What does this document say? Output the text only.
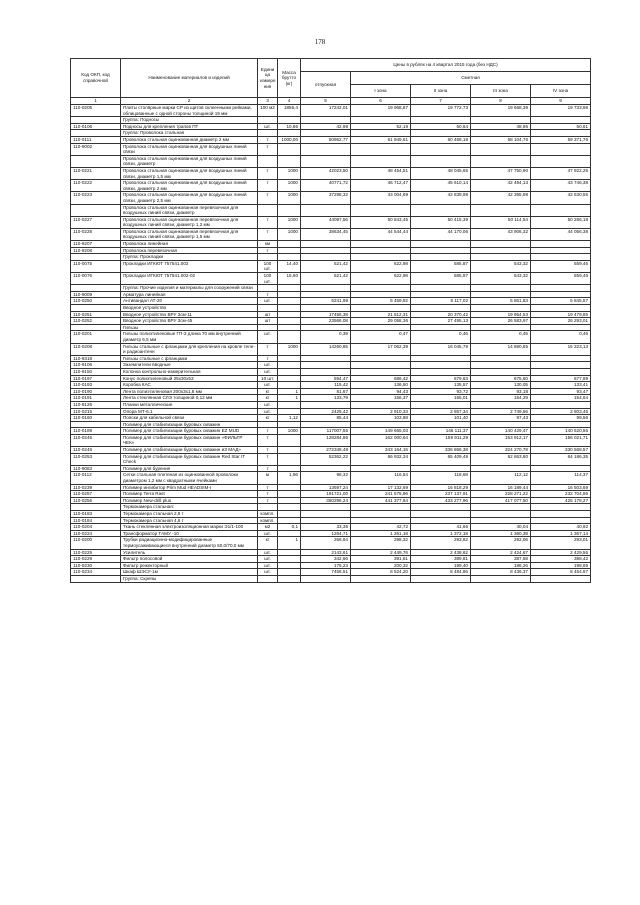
178
Код ОКП, код справочной	Наименование материалов и изделий	Едини ца измере ния	Масса брутто (кг)	Цены в рублях на 4 квартал 2015 года (без НДС)				
				отпускная	Сметная			
					I зона	II зона	III зона	IV зона
1	2	3	4	5	6	7	8	9
110-0205	Плиты столярные марки СР из щитов склеенными рейками, облицованные с одной стороны толщиной 19 мм	100 м2	1856,4	17242,01	19 968,87	19 772,73	19 668,39	19 733,98
	Группа: Подносы							
110-0106	Подносы для крепления трапов ПТ	шт.	10,86	42,98	52,19	50,64	48,95	50,61
	Группа: Проволока стальная							
110-0111	Проволока стальная оцинкованная диаметр 2 мм	т	1000,00	50952,77	61 949,61	60 468,18	58 104,76	59 371,76
110-9002	Проволока стальная оцинкованная для воздушных линий связи	т						
	Проволока стальная оцинкованная для воздушных линий связи, диаметр							
110-0221	Проволока стальная оцинкованная для воздушных линий связи, диаметр 1,5 мм	т	1000	42023,50	48 454,51	48 045,65	47 750,90	47 922,25
110-0222	Проволока стальная оцинкованная для воздушных линий связи, диаметр 2 мм	т	1000	40771,72	46 712,47	45 610,14	42 494,13	43 746,38
110-0223	Проволока стальная оцинкованная для воздушных линий связи, диаметр 2,5 мм	т	1000	37298,32	43 004,69	42 839,98	42 395,98	42 530,55
	Проволока стальная оцинкованная перевязочная для воздушных линий связи, диаметр							
110-0227	Проволока стальная оцинкованная перевязочная для воздушных линий связи, диаметр 1,2 мм	т	1000	44097,56	50 843,45	50 415,39	50 114,54	50 286,18
110-0228	Проволока стальная оцинкованная перевязочная для воздушных линий связи, диаметр 1,5 мм	т	1000	38634,45	44 544,44	44 170,06	43 906,32	44 056,38
110-9207	Проволока линейная	км						
110-9208	Проволока перевязочная	т						
	Группа: Прокладки							
110-0075	Прокладки ИГКЮТ 757541.002	100 шт.	14,40	521,42	622,98	585,87	543,32	559,46
110-0076	Прокладки ИГКЮТ 757541.002-02	100 шт.	15,60	521,42	622,98	585,87	543,32	559,46
	Группа: Прочие изделия и материалы для сооружений связи							
110-9009	Арматура линейная	т						
110-0250	Антивандал АТ-20	шт.		5241,98	6 459,92	6 117,02	5 861,83	5 845,57
	Вводное устройство							
110-0251	Вводное устройство ВРУ 3см-11	шт		17456,38	21 512,31	20 370,42	19 954,53	19 479,85
110-0252	Вводное устройство ВРУ 3см-45	шт		23566,08	29 058,36	27 495,13	26 583,97	26 293,01
	Гильзы							
110-0201	Гильзы полиэтиленовые ГП-3 длина 70 мм внутренний диаметр 6,5 мм	шт.		0,39	0,47	0,46	0,45	0,46
110-0208	Гильзы стальные с фланцами для крепления на кровле теле- и радиоантенн	т	1000	14260,85	17 062,39	16 045,79	14 880,65	15 323,13
110-9318	Гильзы стальные с фланцами	т						
110-9106	Заземлители вводные	шт.						
110-9150	Колонка контрольно-измерительная	шт.						
110-0197	Конус полиэтиленовый 25х30х53	10 шт.		594,47	686,42	679,63	675,60	677,99
110-0193	Коробка КАС	шт.		115,42	136,50	135,57	130,05	133,41
110-0190	Лента полиэтиленовая 200х3х1,8 мм	кг	1	81,67	94,43	93,72	93,18	93,47
110-0191	Лента стеклянная СЛЭ толщиной 0,12 мм	кг	1	133,79	156,37	155,01	154,29	154,64
110-9126	Планки металлические	шт.						
110-0215	Опора МТ-6.1	шт.		2425,42	2 910,33	2 857,34	2 749,56	2 803,46
110-0160	Пояски для кабельной связи	кг	1,12	85,44	103,88	101,40	97,43	99,56
	Полимер для стабилизации буровых скважин							
110-0189	Полимер для стабилизации буровых скважин EZ MUD	т	1000	117007,55	149 665,03	146 111,37	140 429,47	140 520,55
110-0245	Полимер для стабилизации буровых скважин «ФИЛЬТР ЧЕК»	т		128284,86	162 000,64	159 911,29	153 912,17	156 021,71
110-0246	Полимер для стабилизации буровых скважин иЗ МАД»	т		272348,48	343 164,15	336 866,38	324 270,78	330 568,57
110-0253	Полимер для стабилизации буровых скважин Red Star IT Check	т		52362,22	66 932,34	65 409,49	62 863,80	64 186,35
110-9083	Полимер для бурения	т						
110-0112	Сетки стальная плетеная из оцинкованной проволоки диаметром 1,2 мм с квадратными ячейками	м	1,96	98,32	116,54	118,68	112,12	114,37
110-0239	Полимер ингибитор Prim Mud HEADS!M-I	т		13597,24	17 132,69	16 818,29	16 189,44	16 503,69
110-0257	Полимер Terra Rast	т		191721,00	241 575,96	237 137,91	228 271,22	232 704,86
110-0256	Полимер New-drill plus	т		350296,24	441 377,64	433 277,96	417 077,50	425 178,27
	Термокамера стальная:							
110-0183	Термокамера стальная 2,9 т	компл.						
110-0184	Термокамера стальная 4,6 т	компл.						
110-0204	Ткань стеклянная электроизоляционная марки Э1/1-100	м2	0,1	33,35	42,72	41,66	40,04	40,92
110-0224	Трансформатор ТАМУ -10	шт.		1264,71	1 261,18	1 372,18	1 360,38	1 367,14
110-0200	Трубки радиационно-модифицированные термоусаживающиеся внутренний диаметр 60,0/70,0 мм	кг	1	266,64	298,32	293,82	292,06	293,01
110-0225	Усилитель	шт.		2143,61	2 449,76	2 438,62	2 424,67	2 429,56
110-0229	Фильтр полосовой	шт.		342,66	391,61	389,81	387,58	388,42
110-0230	Фильтр режекторный	шт.		175,23	200,32	199,40	198,26	198,69
110-0234	Шкаф ШЭСУ-1м	шт.		7456,51	8 524,20	8 484,86	8 436,37	8 454,67
	Группа: Скрепы							
